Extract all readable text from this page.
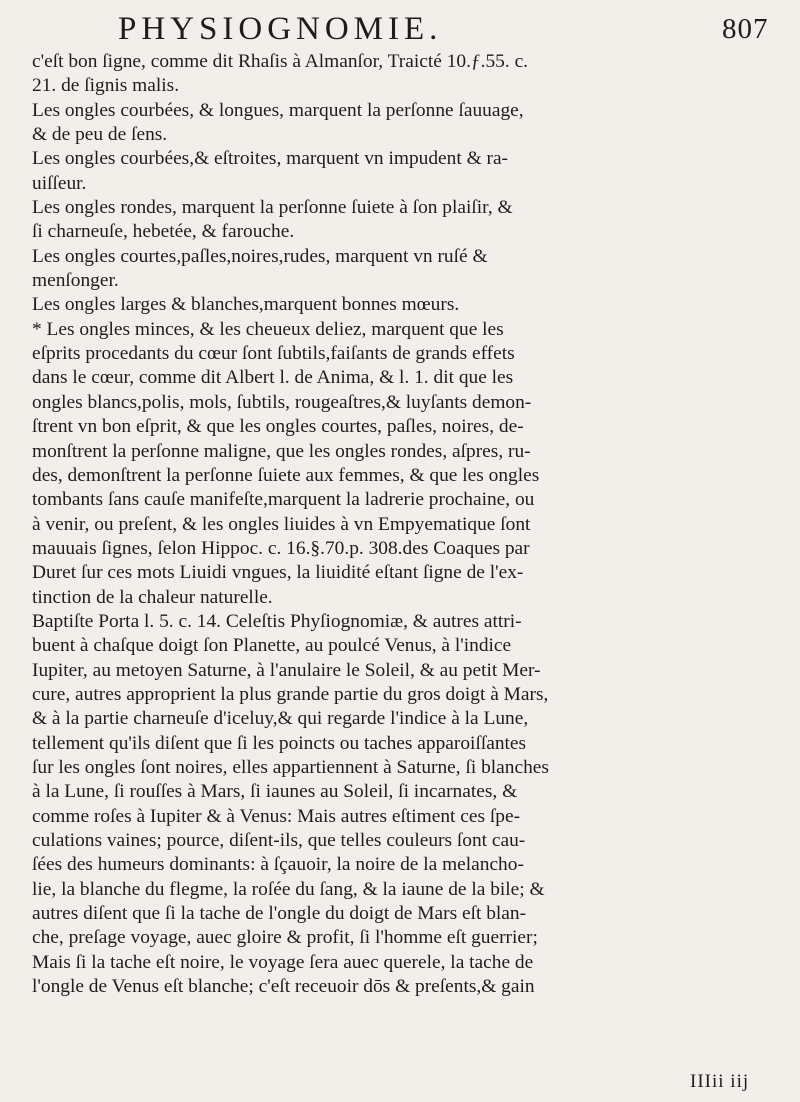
PHYSIOGNOMIE.	807
c'eſt bon ſigne, comme dit Rhaſis à Almanſor, Traicté 10.ƒ.55. c.
21. de ſignis malis.
Les ongles courbées, & longues, marquent la perſonne ſauuage,
& de peu de ſens.
Les ongles courbées,& eſtroites, marquent vn impudent & ra-
uiſſeur.
Les ongles rondes, marquent la perſonne ſuiete à ſon plaiſir, &
ſi charneuſe, hebetée, & farouche.
Les ongles courtes,paſles,noires,rudes, marquent vn ruſé &
menſonger.
Les ongles larges & blanches,marquent bonnes mœurs.
* Les ongles minces, & les cheueux deliez, marquent que les
eſprits procedants du cœur ſont ſubtils,faiſants de grands effets
dans le cœur, comme dit Albert l. de Anima, & l. 1. dit que les
ongles blancs,polis, mols, ſubtils, rougeaſtres,& luyſants demon-
ſtrent vn bon eſprit, & que les ongles courtes, paſles, noires, de-
monſtrent la perſonne maligne, que les ongles rondes, aſpres, ru-
des, demonſtrent la perſonne ſuiete aux femmes, & que les ongles
tombants ſans cauſe manifeſte,marquent la ladrerie prochaine, ou
à venir, ou preſent, & les ongles liuides à vn Empyematique ſont
mauuais ſignes, ſelon Hippoc. c. 16.§.70.p. 308.des Coaques par
Duret ſur ces mots Liuidi vngues, la liuidité eſtant ſigne de l'ex-
tinction de la chaleur naturelle.
Baptiſte Porta l. 5. c. 14. Celeſtis Phyſiognomiæ, & autres attri-
buent à chaſque doigt ſon Planette, au poulcé Venus, à l'indice
Iupiter, au metoyen Saturne, à l'anulaire le Soleil, & au petit Mer-
cure, autres approprient la plus grande partie du gros doigt à Mars,
& à la partie charneuſe d'iceluy,& qui regarde l'indice à la Lune,
tellement qu'ils diſent que ſi les poincts ou taches apparoiſſantes
ſur les ongles ſont noires, elles appartiennent à Saturne, ſi blanches
à la Lune, ſi rouſſes à Mars, ſi iaunes au Soleil, ſi incarnates, &
comme roſes à Iupiter & à Venus: Mais autres eſtiment ces ſpe-
culations vaines; pource, diſent-ils, que telles couleurs ſont cau-
ſées des humeurs dominants: à ſçauoir, la noire de la melancho-
lie, la blanche du flegme, la roſée du ſang, & la iaune de la bile; &
autres diſent que ſi la tache de l'ongle du doigt de Mars eſt blan-
che, preſage voyage, auec gloire & profit, ſi l'homme eſt guerrier;
Mais ſi la tache eſt noire, le voyage ſera auec querele, la tache de
l'ongle de Venus eſt blanche; c'eſt receuoir dōs & preſents,& gain
IIIii iij
